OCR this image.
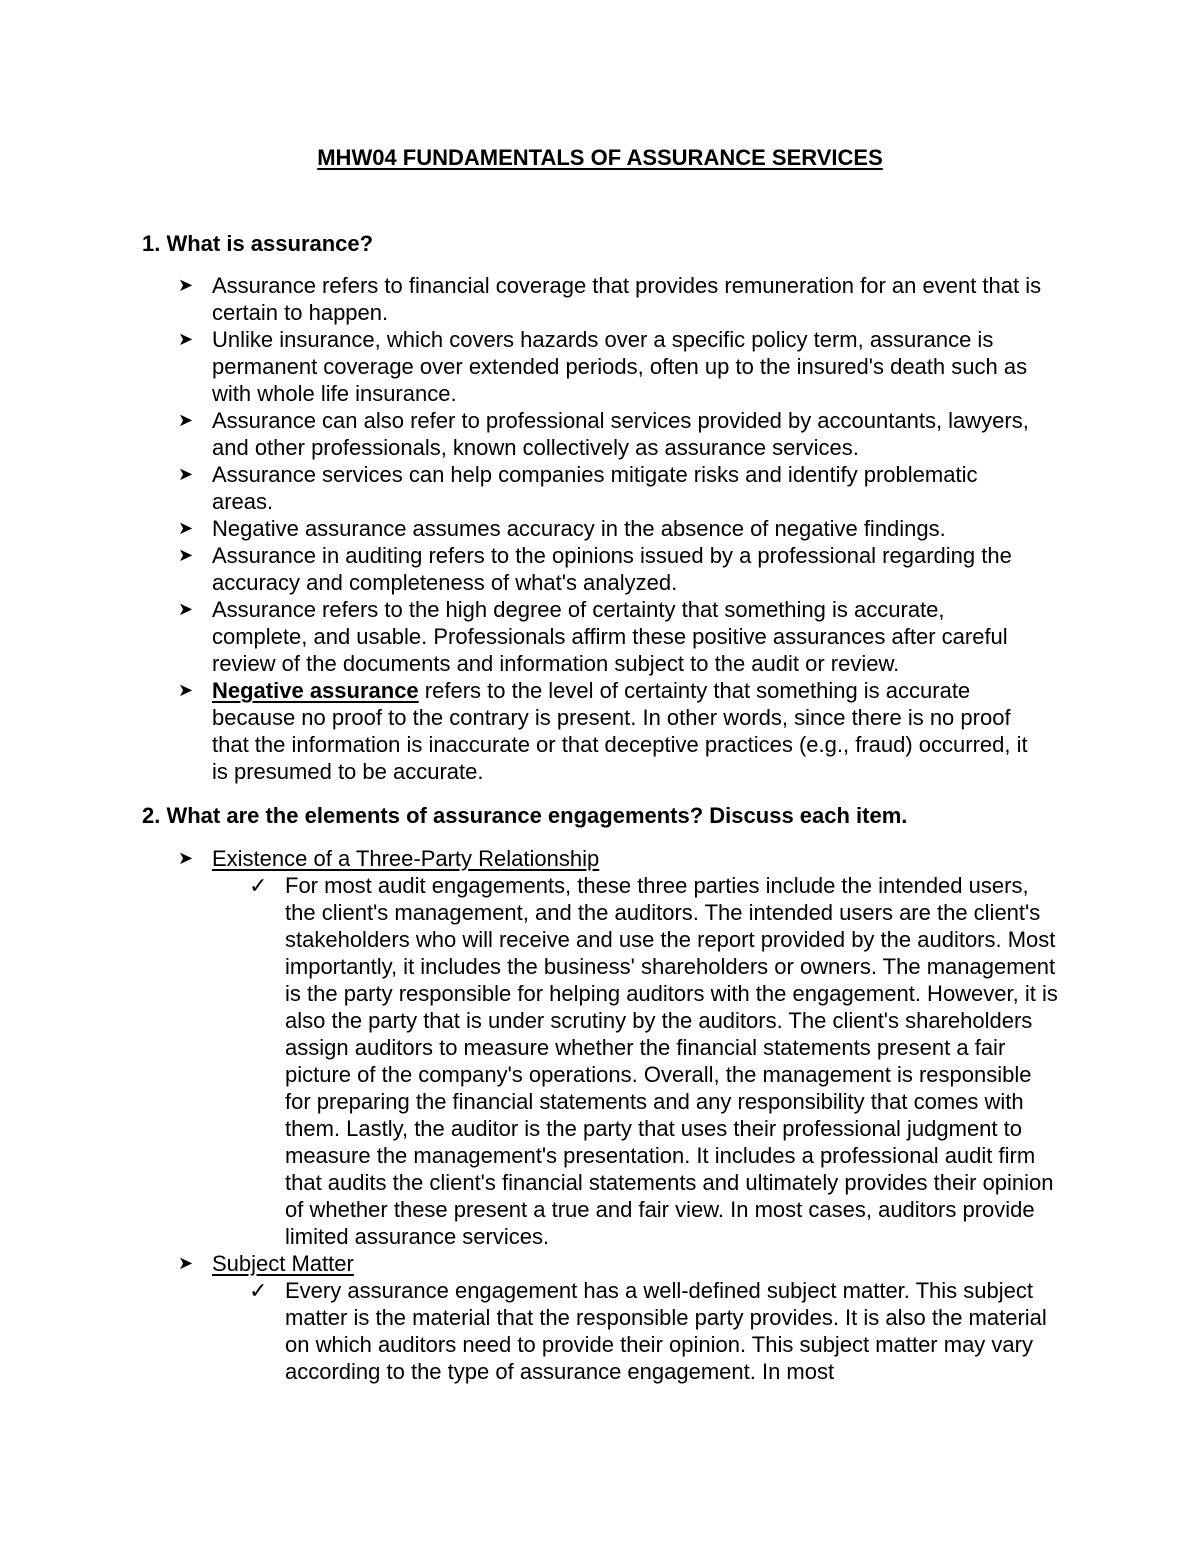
MHW04 FUNDAMENTALS OF ASSURANCE SERVICES
1. What is assurance?
➤ Assurance refers to financial coverage that provides remuneration for an event that is certain to happen.
➤ Unlike insurance, which covers hazards over a specific policy term, assurance is permanent coverage over extended periods, often up to the insured's death such as with whole life insurance.
➤ Assurance can also refer to professional services provided by accountants, lawyers, and other professionals, known collectively as assurance services.
➤ Assurance services can help companies mitigate risks and identify problematic areas.
➤ Negative assurance assumes accuracy in the absence of negative findings.
➤ Assurance in auditing refers to the opinions issued by a professional regarding the accuracy and completeness of what's analyzed.
➤ Assurance refers to the high degree of certainty that something is accurate, complete, and usable. Professionals affirm these positive assurances after careful review of the documents and information subject to the audit or review.
➤ Negative assurance refers to the level of certainty that something is accurate because no proof to the contrary is present. In other words, since there is no proof that the information is inaccurate or that deceptive practices (e.g., fraud) occurred, it is presumed to be accurate.
2. What are the elements of assurance engagements? Discuss each item.
➤ Existence of a Three-Party Relationship
✓ For most audit engagements, these three parties include the intended users, the client's management, and the auditors. The intended users are the client's stakeholders who will receive and use the report provided by the auditors. Most importantly, it includes the business' shareholders or owners. The management is the party responsible for helping auditors with the engagement. However, it is also the party that is under scrutiny by the auditors. The client's shareholders assign auditors to measure whether the financial statements present a fair picture of the company's operations. Overall, the management is responsible for preparing the financial statements and any responsibility that comes with them. Lastly, the auditor is the party that uses their professional judgment to measure the management's presentation. It includes a professional audit firm that audits the client's financial statements and ultimately provides their opinion of whether these present a true and fair view. In most cases, auditors provide limited assurance services.
➤ Subject Matter
✓ Every assurance engagement has a well-defined subject matter. This subject matter is the material that the responsible party provides. It is also the material on which auditors need to provide their opinion. This subject matter may vary according to the type of assurance engagement. In most
